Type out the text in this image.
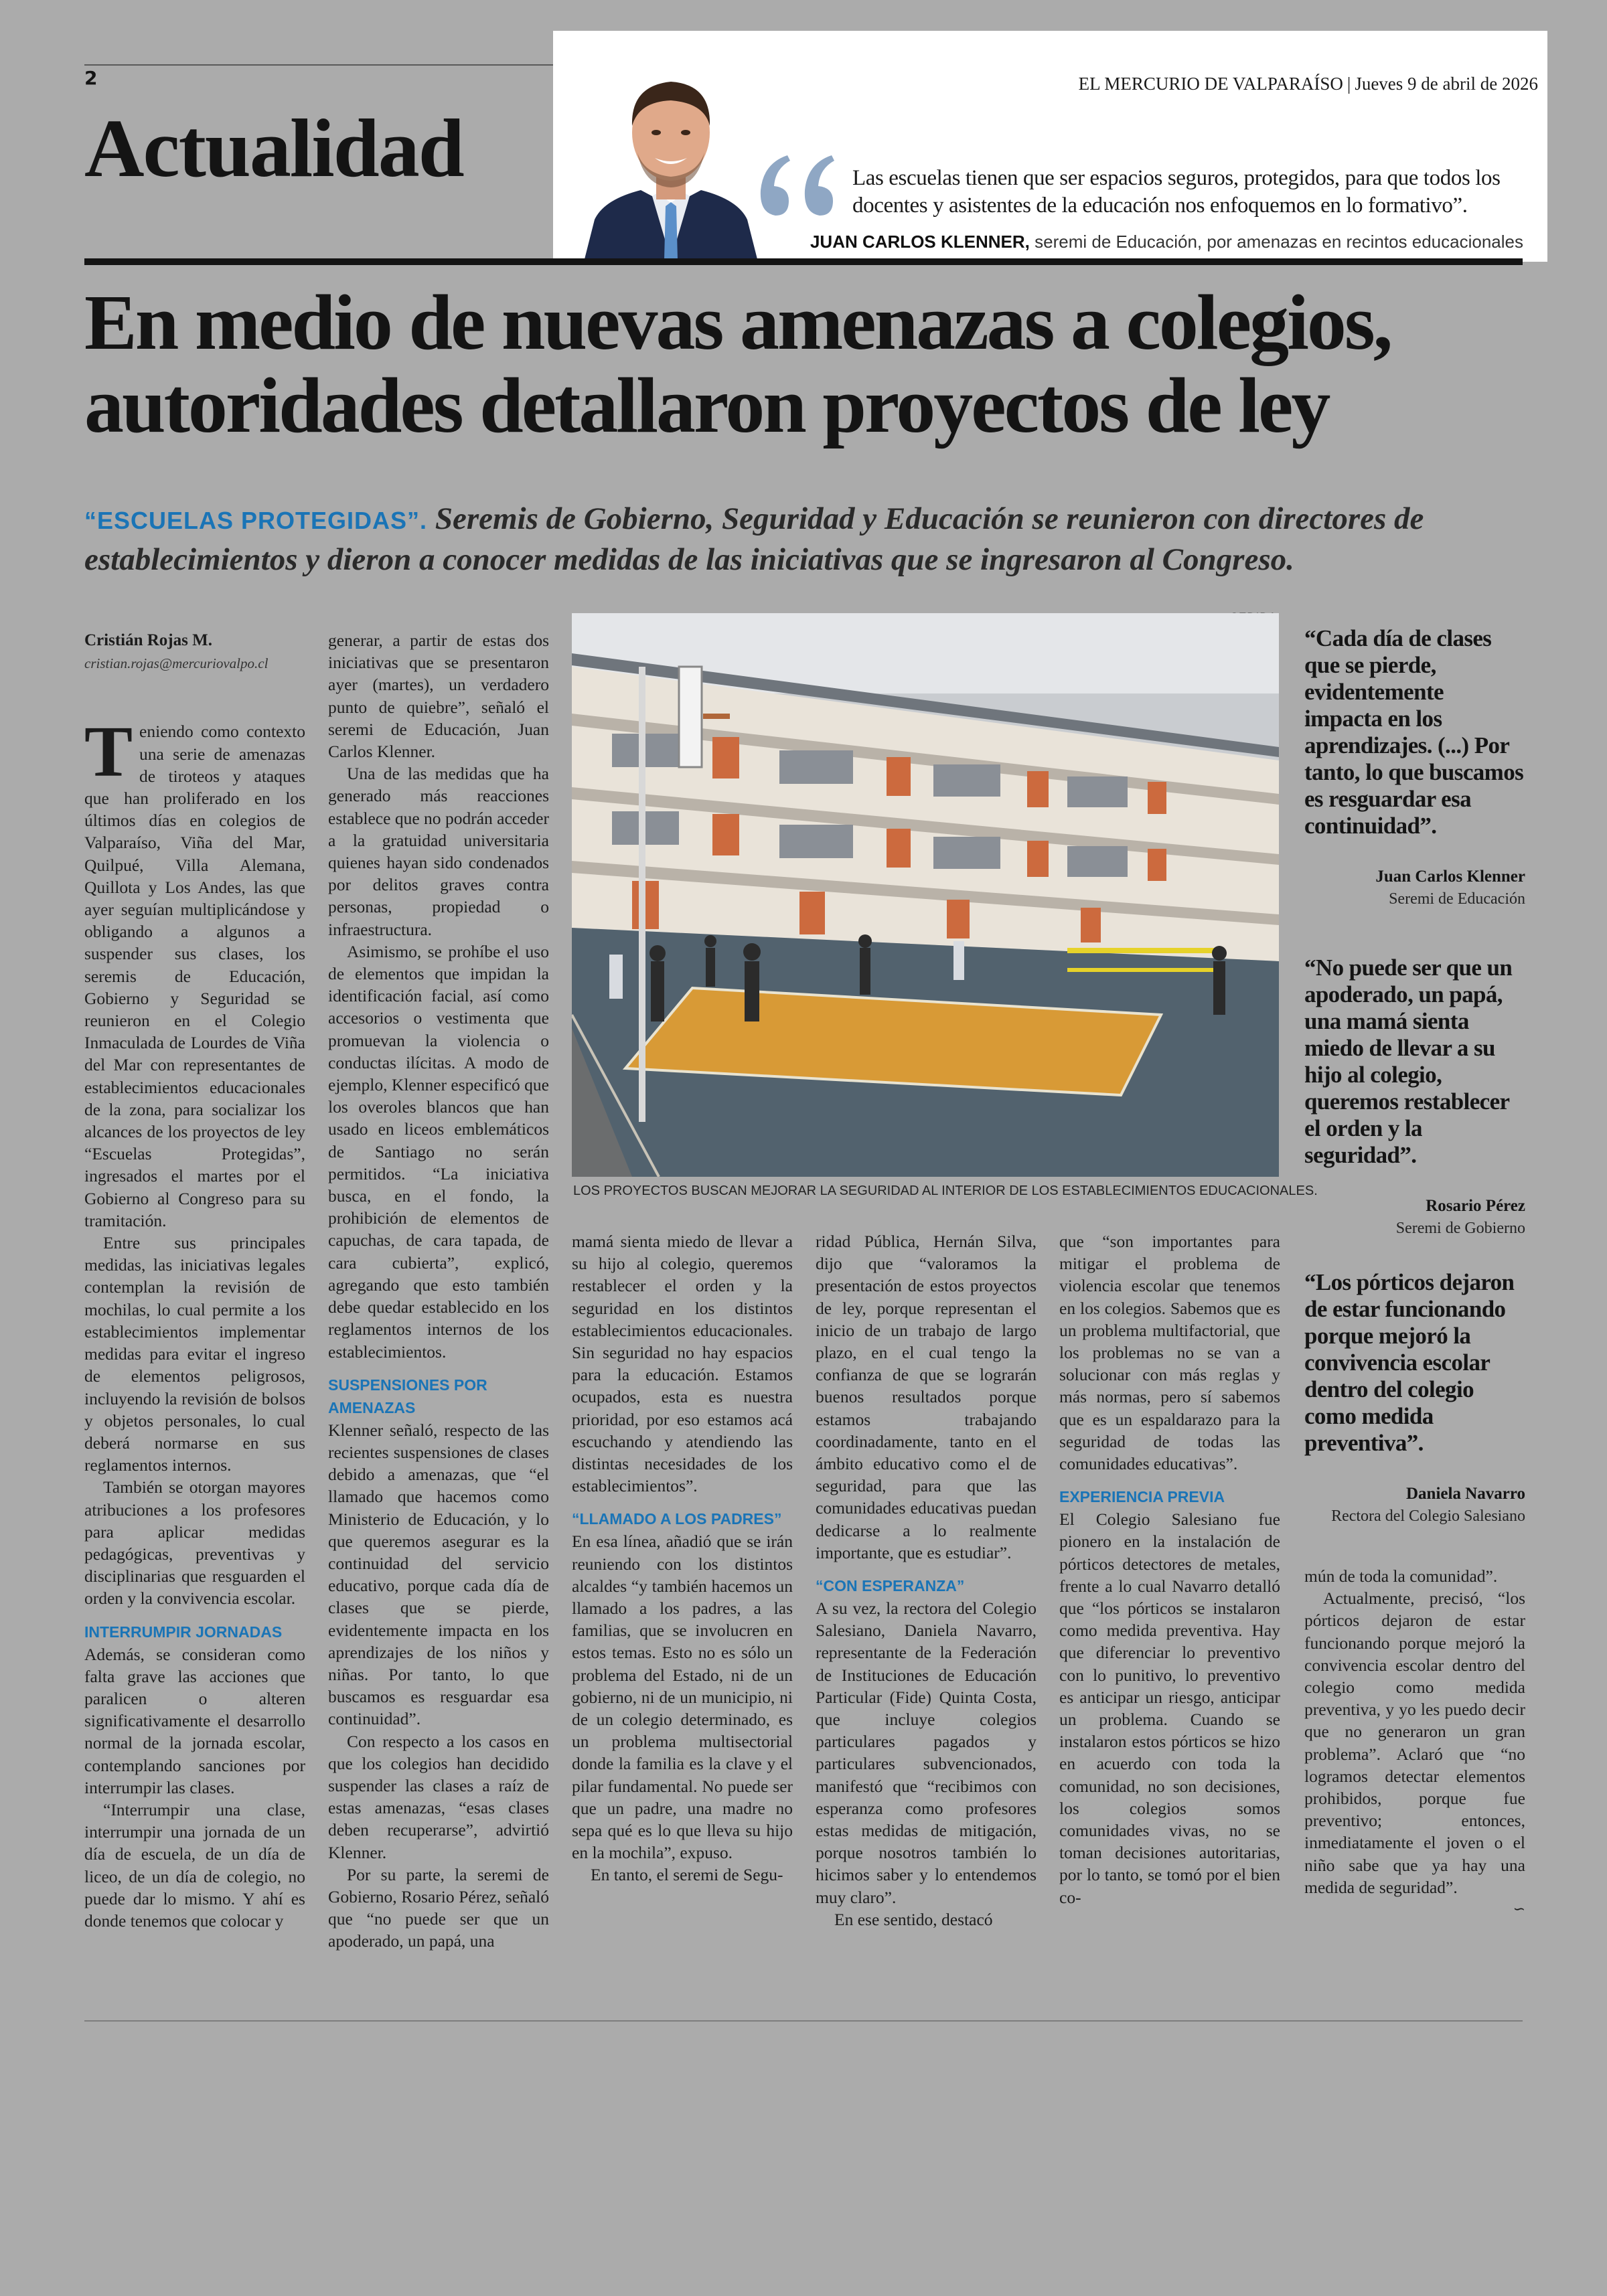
2
Actualidad
EL MERCURIO DE VALPARAÍSO | Jueves 9 de abril de 2026
Las escuelas tienen que ser espacios seguros, protegidos, para que todos los docentes y asistentes de la educación nos enfoquemos en lo formativo”.
JUAN CARLOS KLENNER, seremi de Educación, por amenazas en recintos educacionales
En medio de nuevas amenazas a colegios,
autoridades detallaron proyectos de ley
“ESCUELAS PROTEGIDAS”. Seremis de Gobierno, Seguridad y Educación se reunieron con directores de establecimientos y dieron a conocer medidas de las iniciativas que se ingresaron al Congreso.
Cristián Rojas M.
cristian.rojas@mercuriovalpo.cl
T eniendo como contexto una serie de amenazas de tiroteos y ataques que han proliferado en los últimos días en colegios de Valparaíso, Viña del Mar, Quilpué, Villa Alemana, Quillota y Los Andes, las que ayer seguían multiplicándose y obligando a algunos a suspender sus clases, los seremis de Educación, Gobierno y Seguridad se reunieron en el Colegio Inmaculada de Lourdes de Viña del Mar con representantes de establecimientos educacionales de la zona, para socializar los alcances de los proyectos de ley “Escuelas Protegidas”, ingresados el martes por el Gobierno al Congreso para su tramitación.

Entre sus principales medidas, las iniciativas legales contemplan la revisión de mochilas, lo cual permite a los establecimientos implementar medidas para evitar el ingreso de elementos peligrosos, incluyendo la revisión de bolsos y objetos personales, lo cual deberá normarse en sus reglamentos internos.

También se otorgan mayores atribuciones a los profesores para aplicar medidas pedagógicas, preventivas y disciplinarias que resguarden el orden y la convivencia escolar.

INTERRUMPIR JORNADAS

Además, se consideran como falta grave las acciones que paralicen o alteren significativamente el desarrollo normal de la jornada escolar, contemplando sanciones por interrumpir las clases.

“Interrumpir una clase, interrumpir una jornada de un día de escuela, de un día de liceo, de un día de colegio, no puede dar lo mismo. Y ahí es donde tenemos que colocar y

generar, a partir de estas dos iniciativas que se presentaron ayer (martes), un verdadero punto de quiebre”, señaló el seremi de Educación, Juan Carlos Klenner.

Una de las medidas que ha generado más reacciones establece que no podrán acceder a la gratuidad universitaria quienes hayan sido condenados por delitos graves contra personas, propiedad o infraestructura.

Asimismo, se prohíbe el uso de elementos que impidan la identificación facial, así como accesorios o vestimenta que promuevan la violencia o conductas ilícitas. A modo de ejemplo, Klenner especificó que los overoles blancos que han usado en liceos emblemáticos de Santiago no serán permitidos. “La iniciativa busca, en el fondo, la prohibición de elementos de capuchas, de cara tapada, de cara cubierta”, explicó, agregando que esto también debe quedar establecido en los reglamentos internos de los establecimientos.

SUSPENSIONES POR AMENAZAS

Klenner señaló, respecto de las recientes suspensiones de clases debido a amenazas, que “el llamado que hacemos como Ministerio de Educación, y lo que queremos asegurar es la continuidad del servicio educativo, porque cada día de clases que se pierde, evidentemente impacta en los aprendizajes de los niños y niñas. Por tanto, lo que buscamos es resguardar esa continuidad”.

Con respecto a los casos en que los colegios han decidido suspender las clases a raíz de estas amenazas, “esas clases deben recuperarse”, advirtió Klenner.

Por su parte, la seremi de Gobierno, Rosario Pérez, señaló que “no puede ser que un apoderado, un papá, una

LOS PROYECTOS BUSCAN MEJORAR LA SEGURIDAD AL INTERIOR DE LOS ESTABLECIMIENTOS EDUCACIONALES.

mamá sienta miedo de llevar a su hijo al colegio, queremos restablecer el orden y la seguridad en los distintos establecimientos educacionales. Sin seguridad no hay espacios para la educación. Estamos ocupados, esta es nuestra prioridad, por eso estamos acá escuchando y atendiendo las distintas necesidades de los establecimientos”.

“LLAMADO A LOS PADRES”

En esa línea, añadió que se irán reuniendo con los distintos alcaldes “y también hacemos un llamado a los padres, a las familias, que se involucren en estos temas. Esto no es sólo un problema del Estado, ni de un gobierno, ni de un municipio, ni de un colegio determinado, es un problema multisectorial donde la familia es la clave y el pilar fundamental. No puede ser que un padre, una madre no sepa qué es lo que lleva su hijo en la mochila”, expuso.

En tanto, el seremi de Segu-

ridad Pública, Hernán Silva, dijo que “valoramos la presentación de estos proyectos de ley, porque representan el inicio de un trabajo de largo plazo, en el cual tengo la confianza de que se lograrán buenos resultados porque estamos trabajando coordinadamente, tanto en el ámbito educativo como el de seguridad, para que las comunidades educativas puedan dedicarse a lo realmente importante, que es estudiar”.

“CON ESPERANZA”

A su vez, la rectora del Colegio Salesiano, Daniela Navarro, representante de la Federación de Instituciones de Educación Particular (Fide) Quinta Costa, que incluye colegios particulares pagados y particulares subvencionados, manifestó que “recibimos con esperanza como profesores estas medidas de mitigación, porque nosotros también lo hicimos saber y lo entendemos muy claro”.

En ese sentido, destacó

que “son importantes para mitigar el problema de violencia escolar que tenemos en los colegios. Sabemos que es un problema multifactorial, que los problemas no se van a solucionar con más reglas y más normas, pero sí sabemos que es un espaldarazo para la seguridad de todas las comunidades educativas”.

EXPERIENCIA PREVIA

El Colegio Salesiano fue pionero en la instalación de pórticos detectores de metales, frente a lo cual Navarro detalló que “los pórticos se instalaron como medida preventiva. Hay que diferenciar lo preventivo con lo punitivo, lo preventivo es anticipar un riesgo, anticipar un problema. Cuando se instalaron estos pórticos se hizo en acuerdo con toda la comunidad, no son decisiones, los colegios somos comunidades vivas, no se toman decisiones autoritarias, por lo tanto, se tomó por el bien co-

“Cada día de clases que se pierde, evidentemente impacta en los aprendizajes. (...) Por tanto, lo que buscamos es resguardar esa continuidad”.
Juan Carlos Klenner
Seremi de Educación
“No puede ser que un apoderado, un papá, una mamá sienta miedo de llevar a su hijo al colegio, queremos restablecer el orden y la seguridad”.
Rosario Pérez
Seremi de Gobierno
“Los pórticos dejaron de estar funcionando porque mejoró la convivencia escolar dentro del colegio como medida preventiva”.
Daniela Navarro
Rectora del Colegio Salesiano

mún de toda la comunidad”.

Actualmente, precisó, “los pórticos dejaron de estar funcionando porque mejoró la convivencia escolar dentro del colegio como medida preventiva, y yo les puedo decir que no generaron un gran problema”. Aclaró que “no logramos detectar elementos prohibidos, porque fue preventivo; entonces, inmediatamente el joven o el niño sabe que ya hay una medida de seguridad”.

∽
